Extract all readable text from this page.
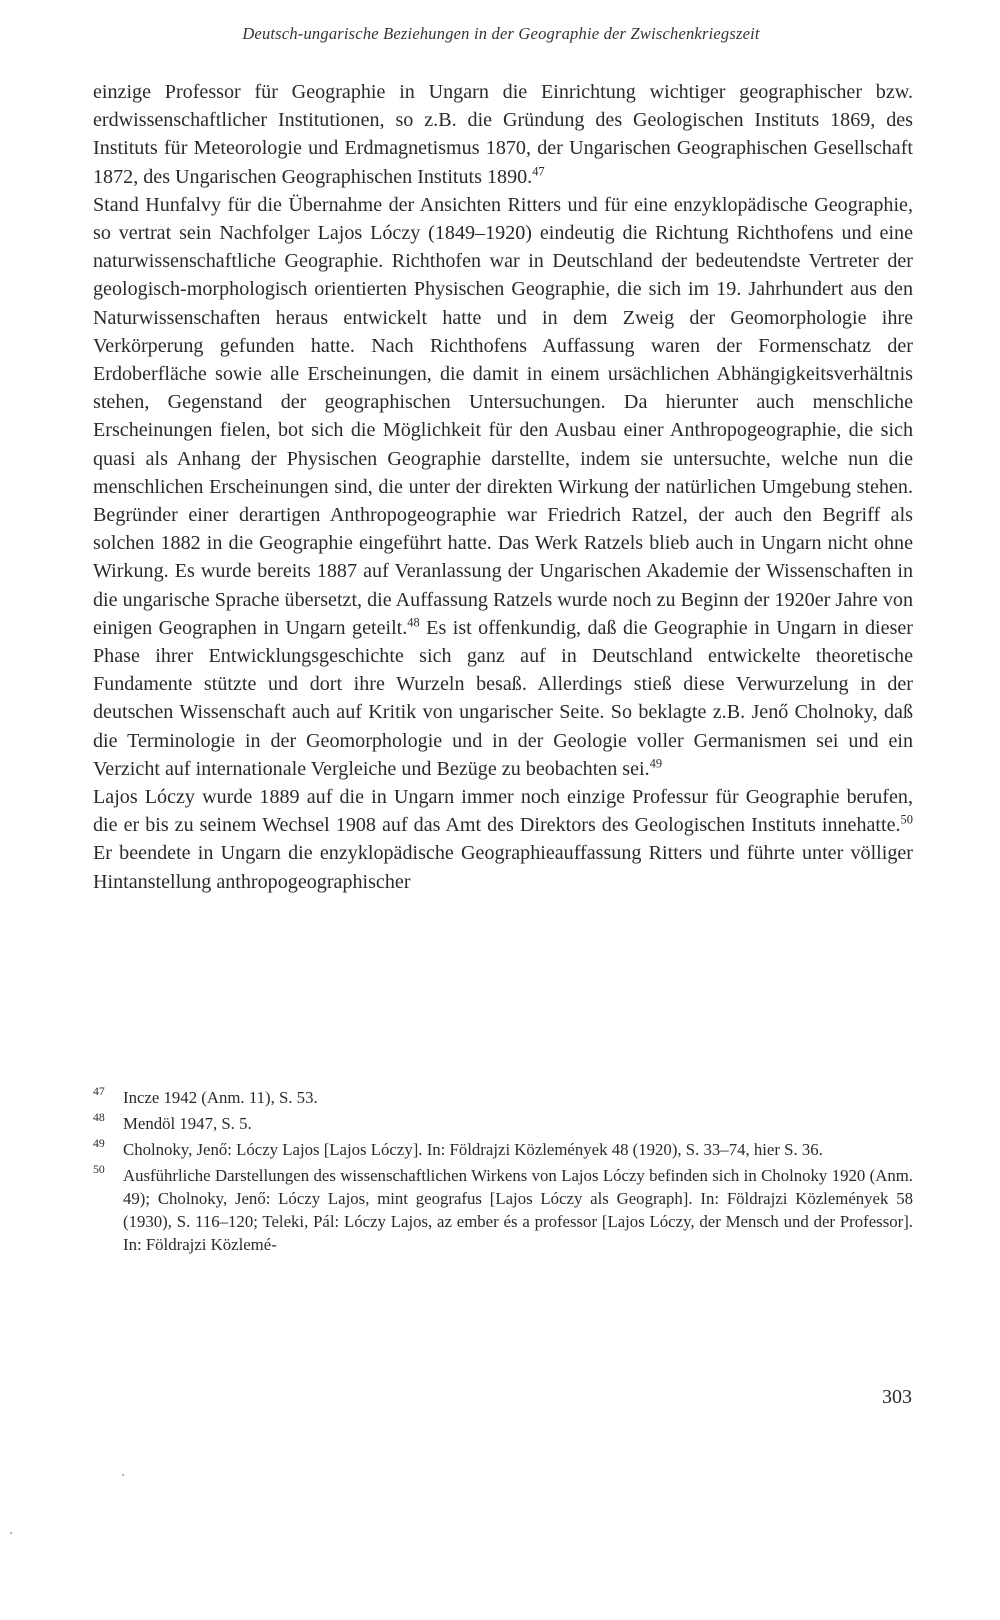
Deutsch-ungarische Beziehungen in der Geographie der Zwischenkriegszeit

einzige Professor für Geographie in Ungarn die Einrichtung wichtiger geographischer bzw. erdwissenschaftlicher Institutionen, so z.B. die Gründung des Geologischen Instituts 1869, des Instituts für Meteorologie und Erdmagnetismus 1870, der Ungarischen Geographischen Gesellschaft 1872, des Ungarischen Geographischen Instituts 1890.47

Stand Hunfalvy für die Übernahme der Ansichten Ritters und für eine enzyklopädische Geographie, so vertrat sein Nachfolger Lajos Lóczy (1849–1920) eindeutig die Richtung Richthofens und eine naturwissenschaftliche Geographie. Richthofen war in Deutschland der bedeutendste Vertreter der geologisch-morphologisch orientierten Physischen Geographie, die sich im 19. Jahrhundert aus den Naturwissenschaften heraus entwickelt hatte und in dem Zweig der Geomorphologie ihre Verkörperung gefunden hatte. Nach Richthofens Auffassung waren der Formenschatz der Erdoberfläche sowie alle Erscheinungen, die damit in einem ursächlichen Abhängigkeitsverhältnis stehen, Gegenstand der geographischen Untersuchungen. Da hierunter auch menschliche Erscheinungen fielen, bot sich die Möglichkeit für den Ausbau einer Anthropogeographie, die sich quasi als Anhang der Physischen Geographie darstellte, indem sie untersuchte, welche nun die menschlichen Erscheinungen sind, die unter der direkten Wirkung der natürlichen Umgebung stehen. Begründer einer derartigen Anthropogeographie war Friedrich Ratzel, der auch den Begriff als solchen 1882 in die Geographie eingeführt hatte. Das Werk Ratzels blieb auch in Ungarn nicht ohne Wirkung. Es wurde bereits 1887 auf Veranlassung der Ungarischen Akademie der Wissenschaften in die ungarische Sprache übersetzt, die Auffassung Ratzels wurde noch zu Beginn der 1920er Jahre von einigen Geographen in Ungarn geteilt.$^{48}$ Es ist offenkundig, daß die Geographie in Ungarn in dieser Phase ihrer Entwicklungsgeschichte sich ganz auf in Deutschland entwickelte theoretische Fundamente stützte und dort ihre Wurzeln besaß. Allerdings stieß diese Verwurzelung in der deutschen Wissenschaft auch auf Kritik von ungarischer Seite. So beklagte z.B. Jenő Cholnoky, daß die Terminologie in der Geomorphologie und in der Geologie voller Germanismen sei und ein Verzicht auf internationale Vergleiche und Bezüge zu beobachten sei.$^{49}$

Lajos Lóczy wurde 1889 auf die in Ungarn immer noch einzige Professur für Geographie berufen, die er bis zu seinem Wechsel 1908 auf das Amt des Direktors des Geologischen Instituts innehatte.$^{50}$ Er beendete in Ungarn die enzyklopädische Geographieauffassung Ritters und führte unter völliger Hintanstellung anthropogeographischer

47 Incze 1942 (Anm. 11), S. 53.
48 Mendöl 1947, S. 5.
49 Cholnoky, Jenő: Lóczy Lajos [Lajos Lóczy]. In: Földrajzi Közlemények 48 (1920), S. 33–74, hier S. 36.
50 Ausführliche Darstellungen des wissenschaftlichen Wirkens von Lajos Lóczy befinden sich in Cholnoky 1920 (Anm. 49); Cholnoky, Jenő: Lóczy Lajos, mint geografus [Lajos Lóczy als Geograph]. In: Földrajzi Közlemények 58 (1930), S. 116–120; Teleki, Pál: Lóczy Lajos, az ember és a professor [Lajos Lóczy, der Mensch und der Professor]. In: Földrajzi Közlemé-
303
